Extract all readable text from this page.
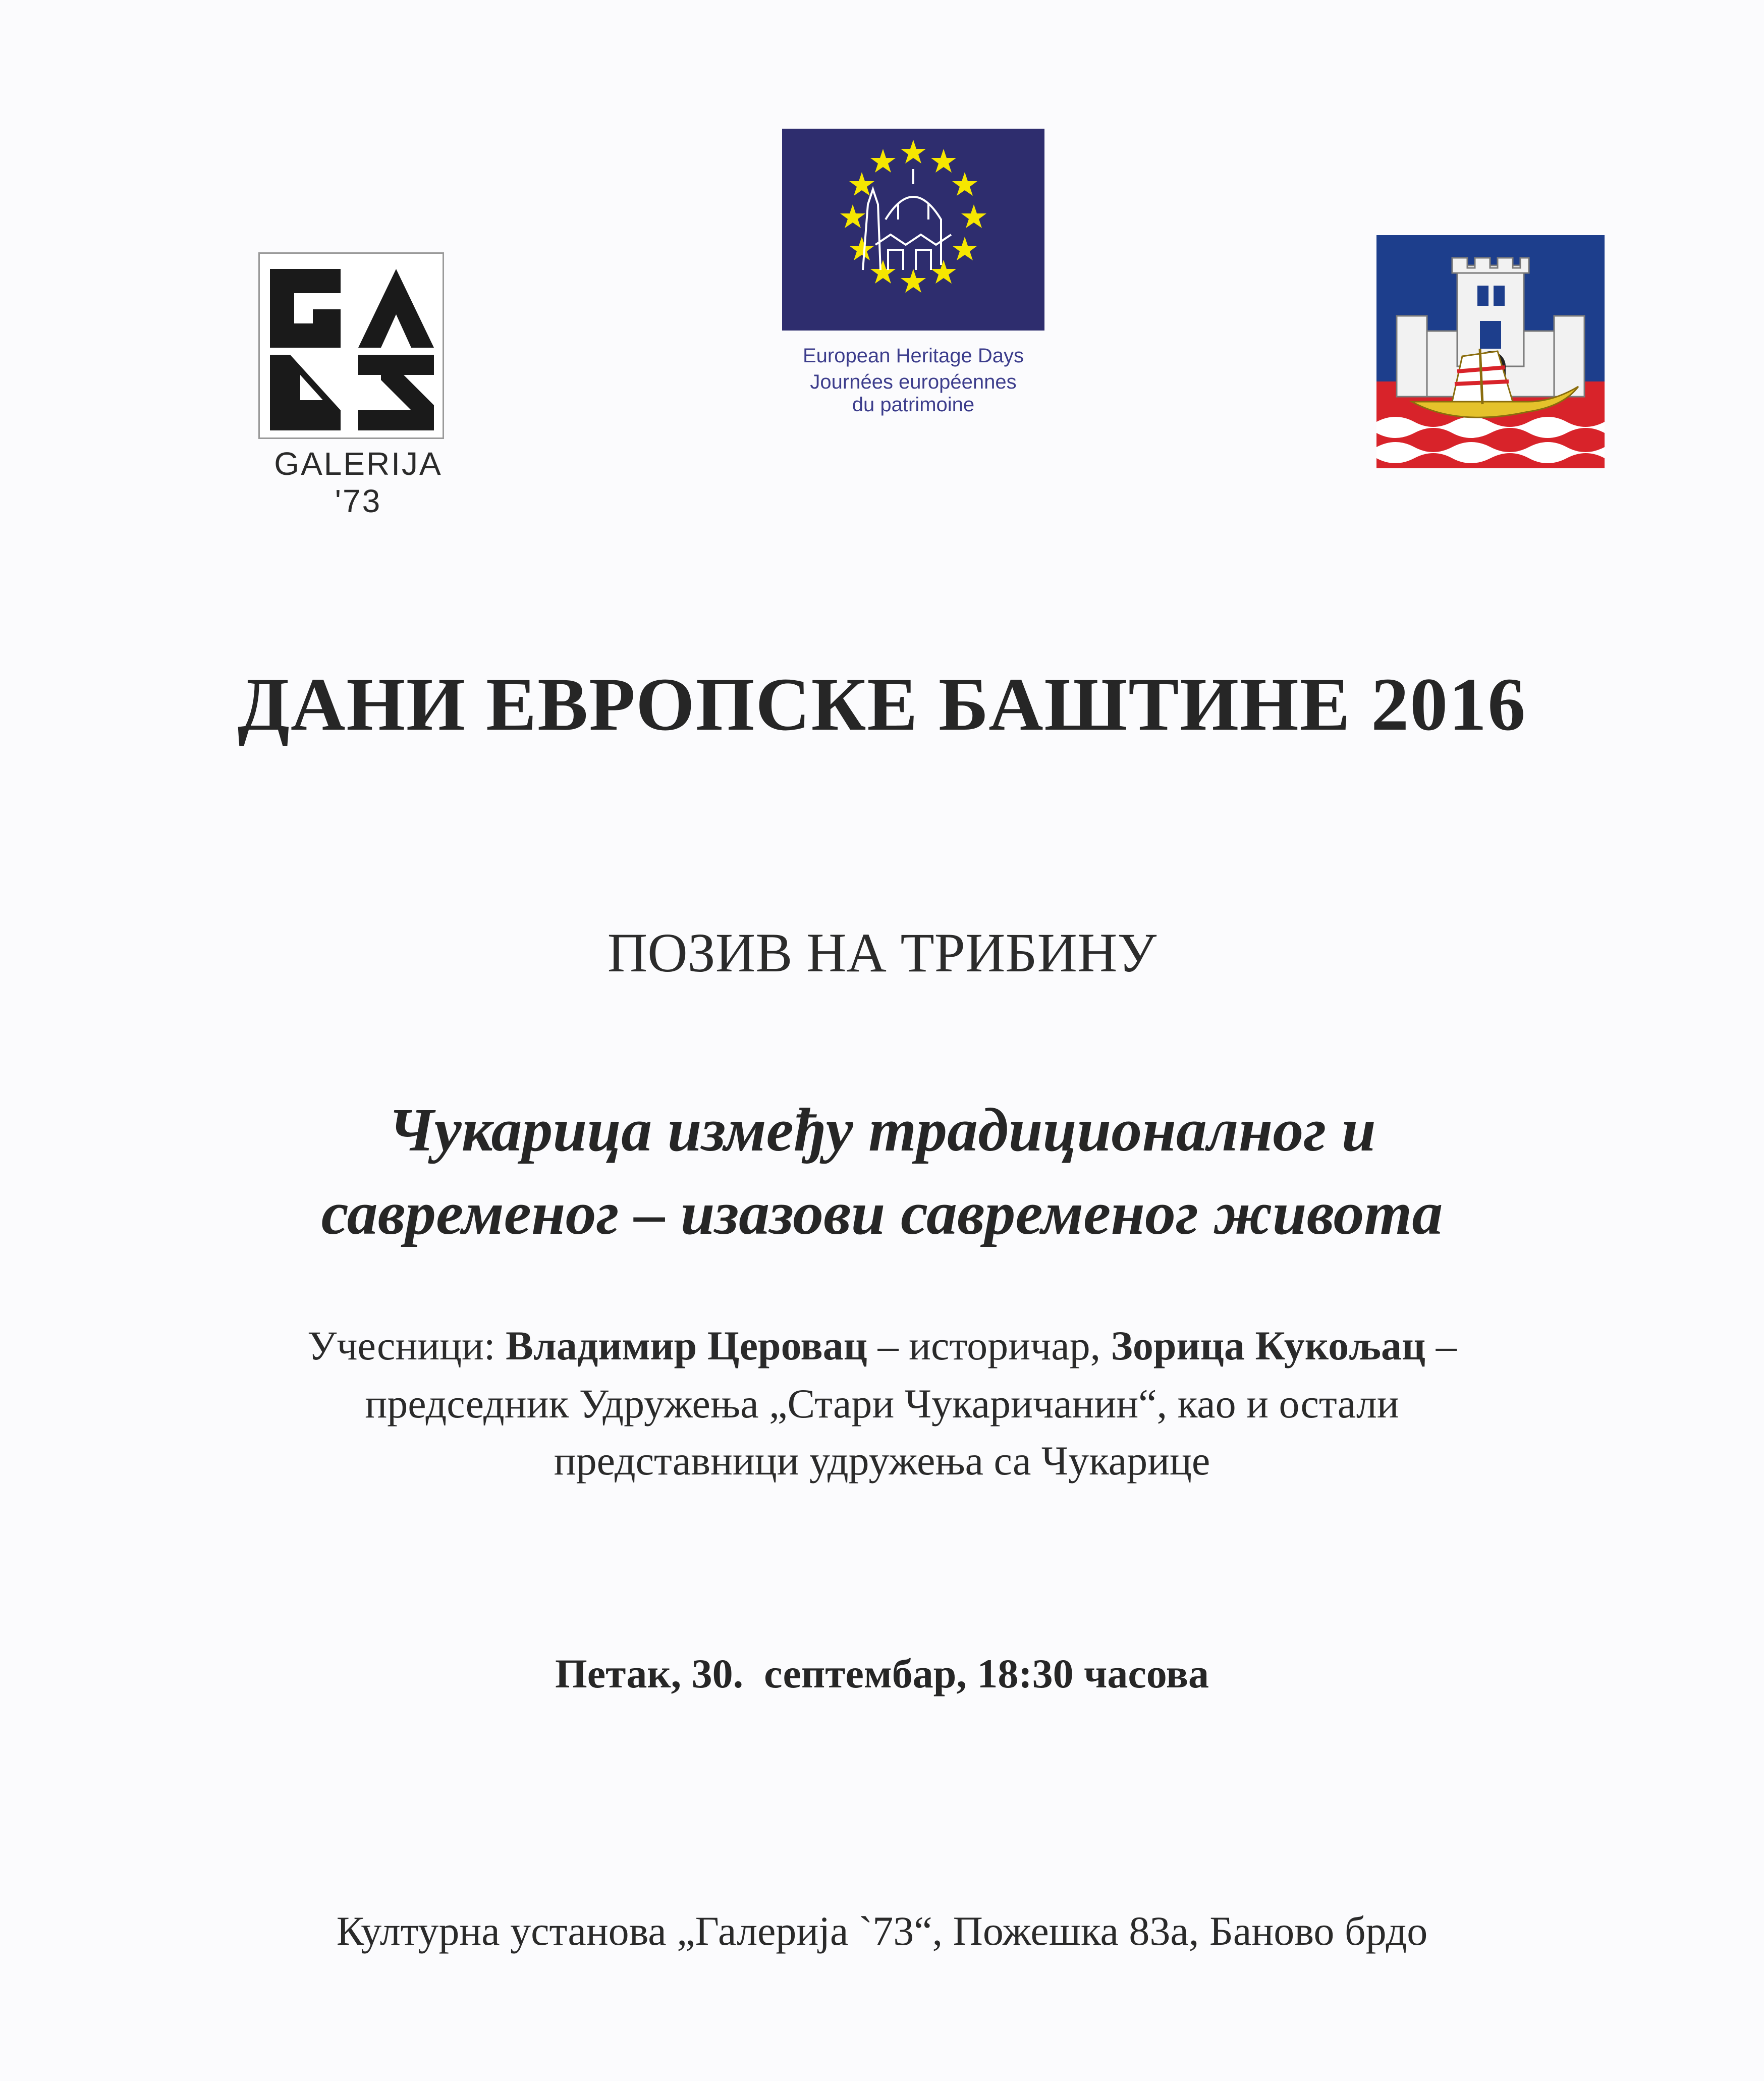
GALERIJA '73
European Heritage Days
Journées européennes
du patrimoine
ДАНИ ЕВРОПСКЕ БАШТИНЕ 2016
ПОЗИВ НА ТРИБИНУ
Чукарица између традиционалног и
савременог – изазови савременог живота
Учесници: Владимир Церовац – историчар, Зорица Кукољац –
председник Удружења „Стари Чукаричанин“, као и остали
представници удружења са Чукарице
Петак, 30.  септембар, 18:30 часова
Културна установа „Галерија `73“, Пожешка 83а, Баново брдо
